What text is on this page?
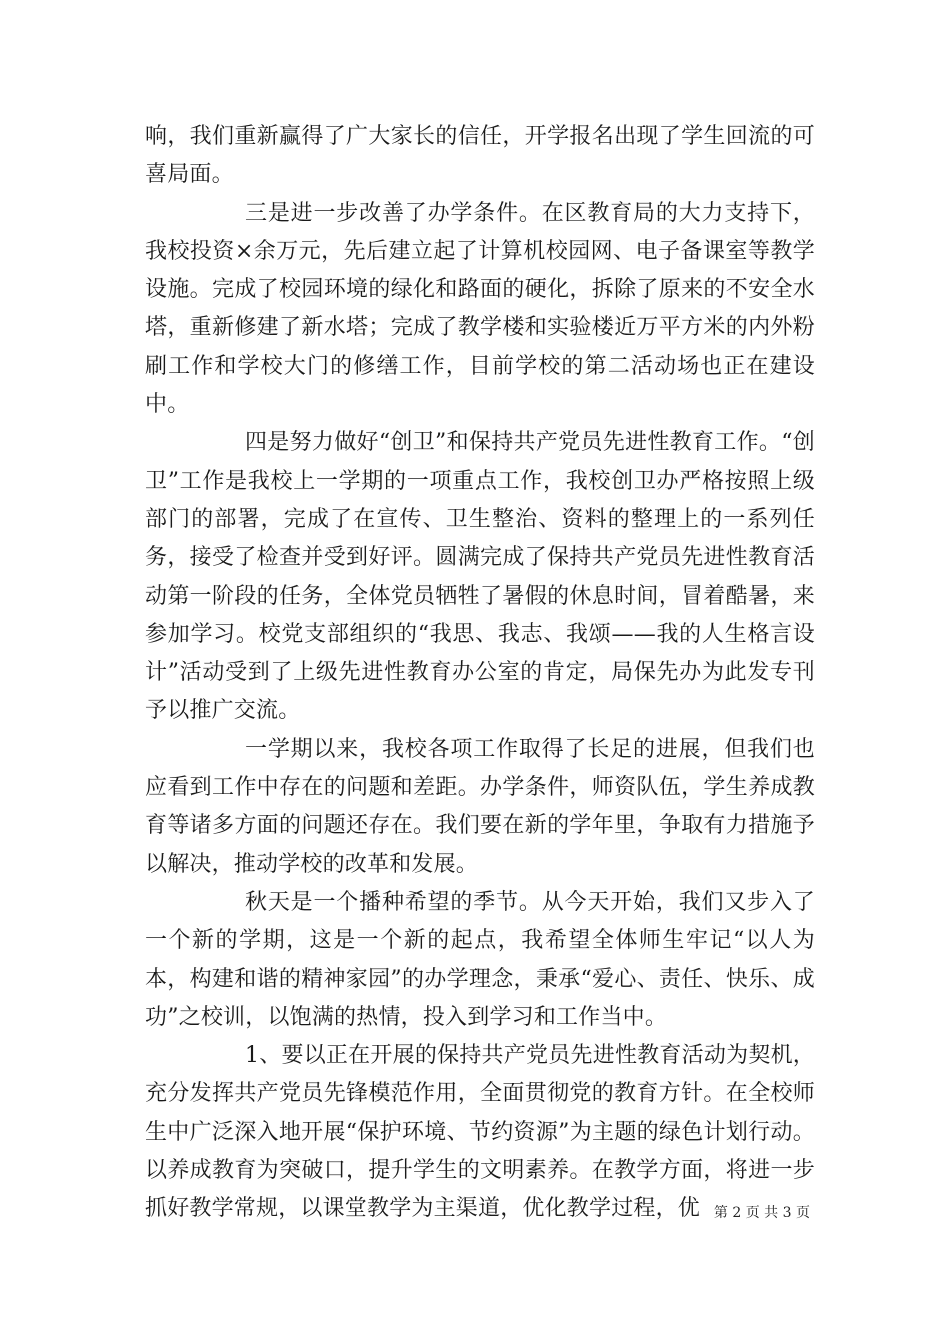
响，我们重新赢得了广大家长的信任，开学报名出现了学生回流的可喜局面。

三是进一步改善了办学条件。在区教育局的大力支持下，我校投资×余万元，先后建立起了计算机校园网、电子备课室等教学设施。完成了校园环境的绿化和路面的硬化，拆除了原来的不安全水塔，重新修建了新水塔；完成了教学楼和实验楼近万平方米的内外粉刷工作和学校大门的修缮工作，目前学校的第二活动场也正在建设中。

四是努力做好“创卫”和保持共产党员先进性教育工作。“创卫”工作是我校上一学期的一项重点工作，我校创卫办严格按照上级部门的部署，完成了在宣传、卫生整治、资料的整理上的一系列任务，接受了检查并受到好评。圆满完成了保持共产党员先进性教育活动第一阶段的任务，全体党员牺牲了暑假的休息时间，冒着酷暑，来参加学习。校党支部组织的“我思、我志、我颂——我的人生格言设计”活动受到了上级先进性教育办公室的肯定，局保先办为此发专刊予以推广交流。

一学期以来，我校各项工作取得了长足的进展，但我们也应看到工作中存在的问题和差距。办学条件，师资队伍，学生养成教育等诸多方面的问题还存在。我们要在新的学年里，争取有力措施予以解决，推动学校的改革和发展。

秋天是一个播种希望的季节。从今天开始，我们又步入了一个新的学期，这是一个新的起点，我希望全体师生牢记“以人为本，构建和谐的精神家园”的办学理念，秉承“爱心、责任、快乐、成功”之校训，以饱满的热情，投入到学习和工作当中。

1、要以正在开展的保持共产党员先进性教育活动为契机，充分发挥共产党员先锋模范作用，全面贯彻党的教育方针。在全校师生中广泛深入地开展“保护环境、节约资源”为主题的绿色计划行动。以养成教育为突破口，提升学生的文明素养。在教学方面，将进一步抓好教学常规，以课堂教学为主渠道，优化教学过程，优 第 2 页 共 3 页
